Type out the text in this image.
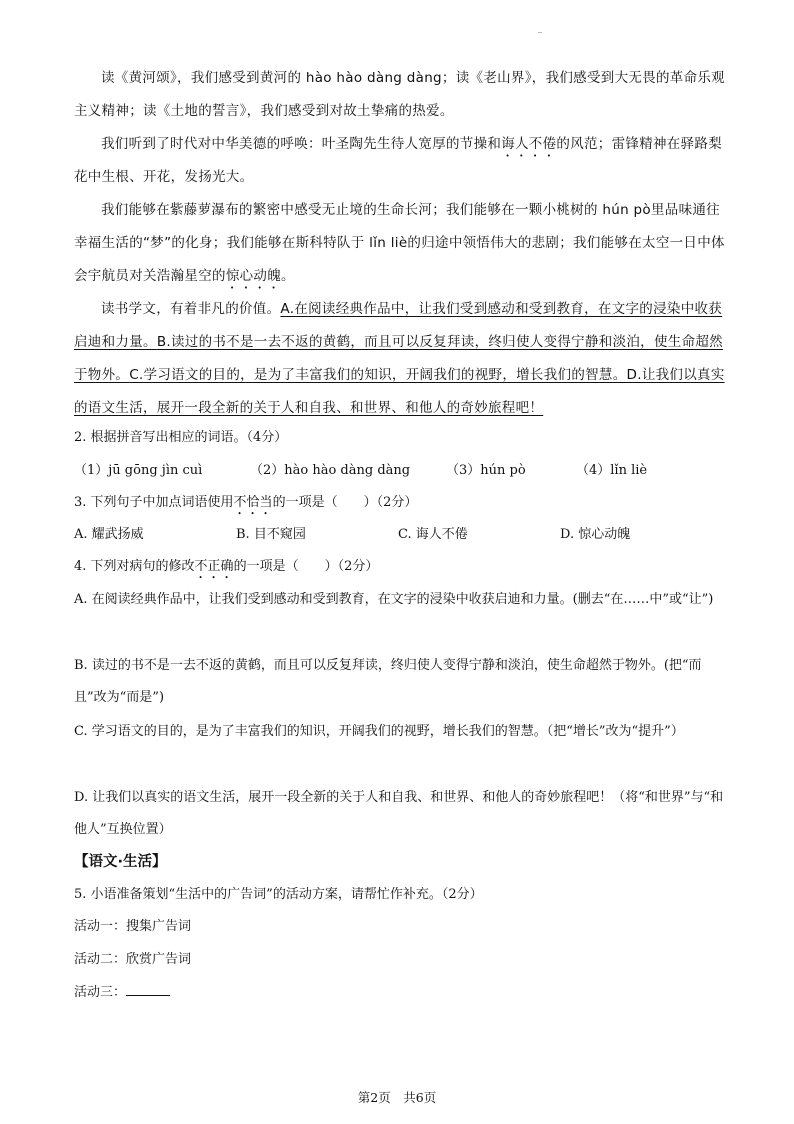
读《黄河颂》，我们感受到黄河的 hào hào dàng dàng；读《老山界》，我们感受到大无畏的革命乐观主义精神；读《土地的誓言》，我们感受到对故土挚痛的热爱。

我们听到了时代对中华美德的呼唤：叶圣陶先生待人宽厚的节操和诲人不倦的风范；雷锋精神在驿路梨花中生根、开花，发扬光大。

我们能够在紫藤萝瀑布的繁密中感受无止境的生命长河；我们能够在一颗小桃树的 hún pò里品味通往幸福生活的“梦”的化身；我们能够在斯科特队于 lǐn liè的归途中领悟伟大的悲剧；我们能够在太空一日中体会宇航员对关浩瀚星空的惊心动魄。

读书学文，有着非凡的价值。A.在阅读经典作品中，让我们受到感动和受到教育，在文字的浸染中收获启迪和力量。B.读过的书不是一去不返的黄鹤，而且可以反复拜读，终归使人变得宁静和淡泊，使生命超然于物外。C.学习语文的目的，是为了丰富我们的知识，开阔我们的视野，增长我们的智慧。D.让我们以真实的语文生活，展开一段全新的关于人和自我、和世界、和他人的奇妙旅程吧！

2. 根据拼音写出相应的词语。（4分）
（1）jū gōng jìn cuì	（2）hào hào dàng dàng	（3）hún pò	（4）lǐn liè
3. 下列句子中加点词语使用不恰当的一项是（　　）（2分）
A. 耀武扬威	B. 目不窥园	C. 诲人不倦	D. 惊心动魄
4. 下列对病句的修改不正确的一项是（　　）（2分）
A. 在阅读经典作品中，让我们受到感动和受到教育，在文字的浸染中收获启迪和力量。(删去“在……中”或“让”)
B. 读过的书不是一去不返的黄鹤，而且可以反复拜读，终归使人变得宁静和淡泊，使生命超然于物外。(把“而且”改为“而是”)
C. 学习语文的目的，是为了丰富我们的知识，开阔我们的视野，增长我们的智慧。（把“增长”改为“提升”）
D. 让我们以真实的语文生活，展开一段全新的关于人和自我、和世界、和他人的奇妙旅程吧！（将“和世界”与“和他人”互换位置）
【语文·生活】
5. 小语准备策划“生活中的广告词”的活动方案，请帮忙作补充。（2分）
活动一：搜集广告词
活动二：欣赏广告词
活动三：
第2页　共6页
